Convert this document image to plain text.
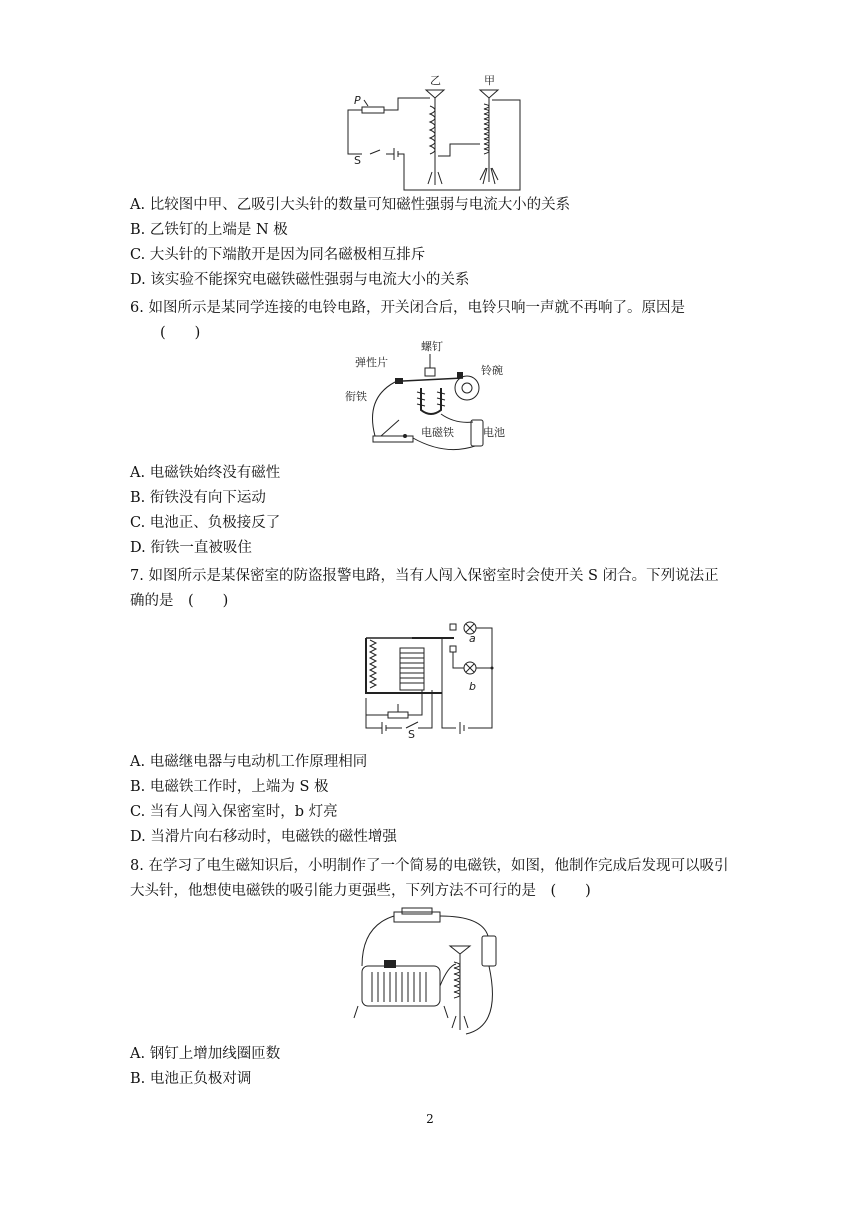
乙	甲
P
S
A. 比较图中甲、乙吸引大头针的数量可知磁性强弱与电流大小的关系
B. 乙铁钉的上端是 N 极
C. 大头针的下端散开是因为同名磁极相互排斥
D. 该实验不能探究电磁铁磁性强弱与电流大小的关系
6. 如图所示是某同学连接的电铃电路，开关闭合后，电铃只响一声就不再响了。原因是
(　　)
弹性片
螺钉
铃碗
衔铁
电磁铁	电池
A. 电磁铁始终没有磁性
B. 衔铁没有向下运动
C. 电池正、负极接反了
D. 衔铁一直被吸住
7. 如图所示是某保密室的防盗报警电路，当有人闯入保密室时会使开关 S 闭合。下列说法正
确的是　(　　)
a
b
S
A. 电磁继电器与电动机工作原理相同
B. 电磁铁工作时，上端为 S 极
C. 当有人闯入保密室时，b 灯亮
D. 当滑片向右移动时，电磁铁的磁性增强
8. 在学习了电生磁知识后，小明制作了一个简易的电磁铁，如图，他制作完成后发现可以吸引
大头针，他想使电磁铁的吸引能力更强些，下列方法不可行的是　(　　)
A. 钢钉上增加线圈匝数
B. 电池正负极对调
2
